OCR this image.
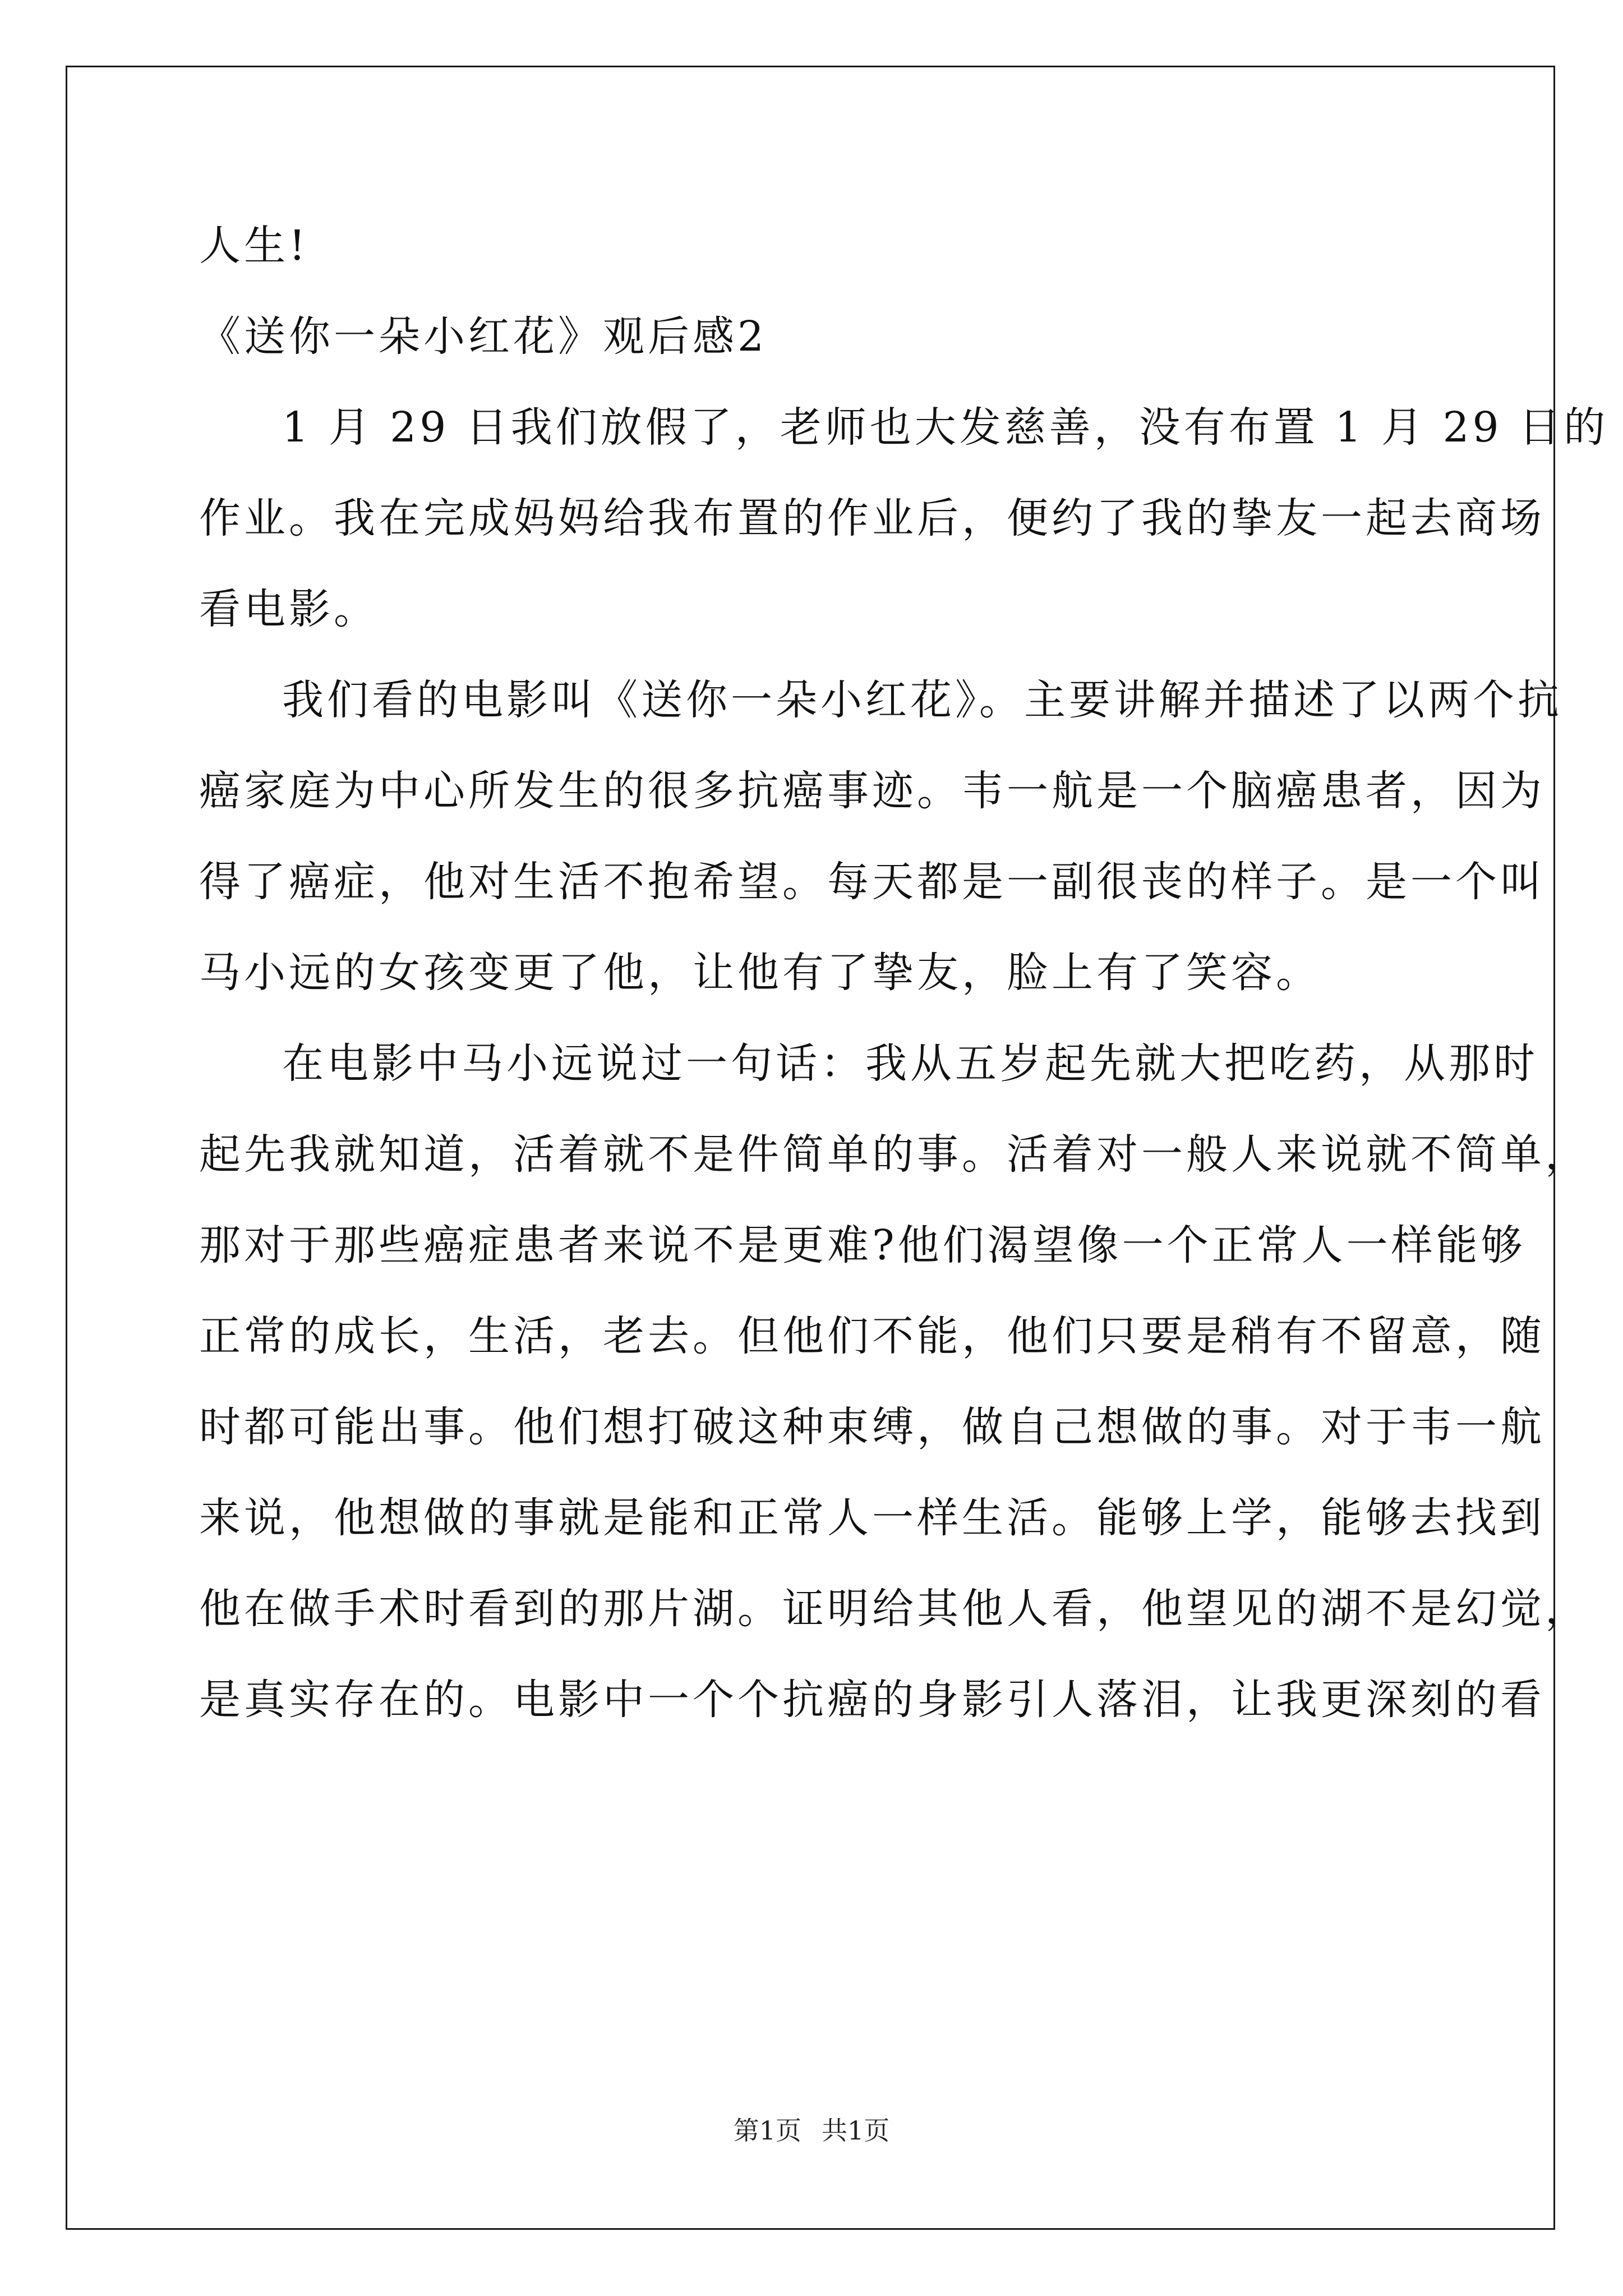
人生!
《送你一朵小红花》观后感2
1 月 29 日我们放假了，老师也大发慈善，没有布置 1 月 29 日的
作业。我在完成妈妈给我布置的作业后，便约了我的挚友一起去商场
看电影。
我们看的电影叫《送你一朵小红花》。主要讲解并描述了以两个抗
癌家庭为中心所发生的很多抗癌事迹。韦一航是一个脑癌患者，因为
得了癌症，他对生活不抱希望。每天都是一副很丧的样子。是一个叫
马小远的女孩变更了他，让他有了挚友，脸上有了笑容。
在电影中马小远说过一句话：我从五岁起先就大把吃药，从那时
起先我就知道，活着就不是件简单的事。活着对一般人来说就不简单，
那对于那些癌症患者来说不是更难?他们渴望像一个正常人一样能够
正常的成长，生活，老去。但他们不能，他们只要是稍有不留意，随
时都可能出事。他们想打破这种束缚，做自己想做的事。对于韦一航
来说，他想做的事就是能和正常人一样生活。能够上学，能够去找到
他在做手术时看到的那片湖。证明给其他人看，他望见的湖不是幻觉，
是真实存在的。电影中一个个抗癌的身影引人落泪，让我更深刻的看
第1页 共1页
